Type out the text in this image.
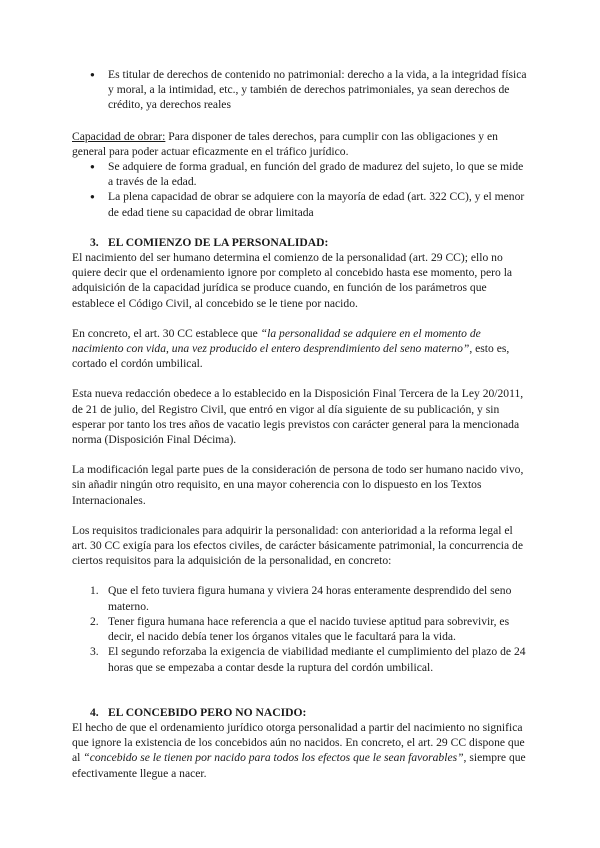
● Es titular de derechos de contenido no patrimonial: derecho a la vida, a la integridad física y moral, a la intimidad, etc., y también de derechos patrimoniales, ya sean derechos de crédito, ya derechos reales

Capacidad de obrar: Para disponer de tales derechos, para cumplir con las obligaciones y en general para poder actuar eficazmente en el tráfico jurídico.

● Se adquiere de forma gradual, en función del grado de madurez del sujeto, lo que se mide a través de la edad.
● La plena capacidad de obrar se adquiere con la mayoría de edad (art. 322 CC), y el menor de edad tiene su capacidad de obrar limitada

3. EL COMIENZO DE LA PERSONALIDAD:

El nacimiento del ser humano determina el comienzo de la personalidad (art. 29 CC); ello no quiere decir que el ordenamiento ignore por completo al concebido hasta ese momento, pero la adquisición de la capacidad jurídica se produce cuando, en función de los parámetros que establece el Código Civil, al concebido se le tiene por nacido.

En concreto, el art. 30 CC establece que “la personalidad se adquiere en el momento de nacimiento con vida, una vez producido el entero desprendimiento del seno materno”, esto es, cortado el cordón umbilical.

Esta nueva redacción obedece a lo establecido en la Disposición Final Tercera de la Ley 20/2011, de 21 de julio, del Registro Civil, que entró en vigor al día siguiente de su publicación, y sin esperar por tanto los tres años de vacatio legis previstos con carácter general para la mencionada norma (Disposición Final Décima).

La modificación legal parte pues de la consideración de persona de todo ser humano nacido vivo, sin añadir ningún otro requisito, en una mayor coherencia con lo dispuesto en los Textos Internacionales.

Los requisitos tradicionales para adquirir la personalidad: con anterioridad a la reforma legal el art. 30 CC exigía para los efectos civiles, de carácter básicamente patrimonial, la concurrencia de ciertos requisitos para la adquisición de la personalidad, en concreto:

1. Que el feto tuviera figura humana y viviera 24 horas enteramente desprendido del seno materno.
2. Tener figura humana hace referencia a que el nacido tuviese aptitud para sobrevivir, es decir, el nacido debía tener los órganos vitales que le facultará para la vida.
3. El segundo reforzaba la exigencia de viabilidad mediante el cumplimiento del plazo de 24 horas que se empezaba a contar desde la ruptura del cordón umbilical.

4. EL CONCEBIDO PERO NO NACIDO:

El hecho de que el ordenamiento jurídico otorga personalidad a partir del nacimiento no significa que ignore la existencia de los concebidos aún no nacidos. En concreto, el art. 29 CC dispone que al “concebido se le tienen por nacido para todos los efectos que le sean favorables”, siempre que efectivamente llegue a nacer.
